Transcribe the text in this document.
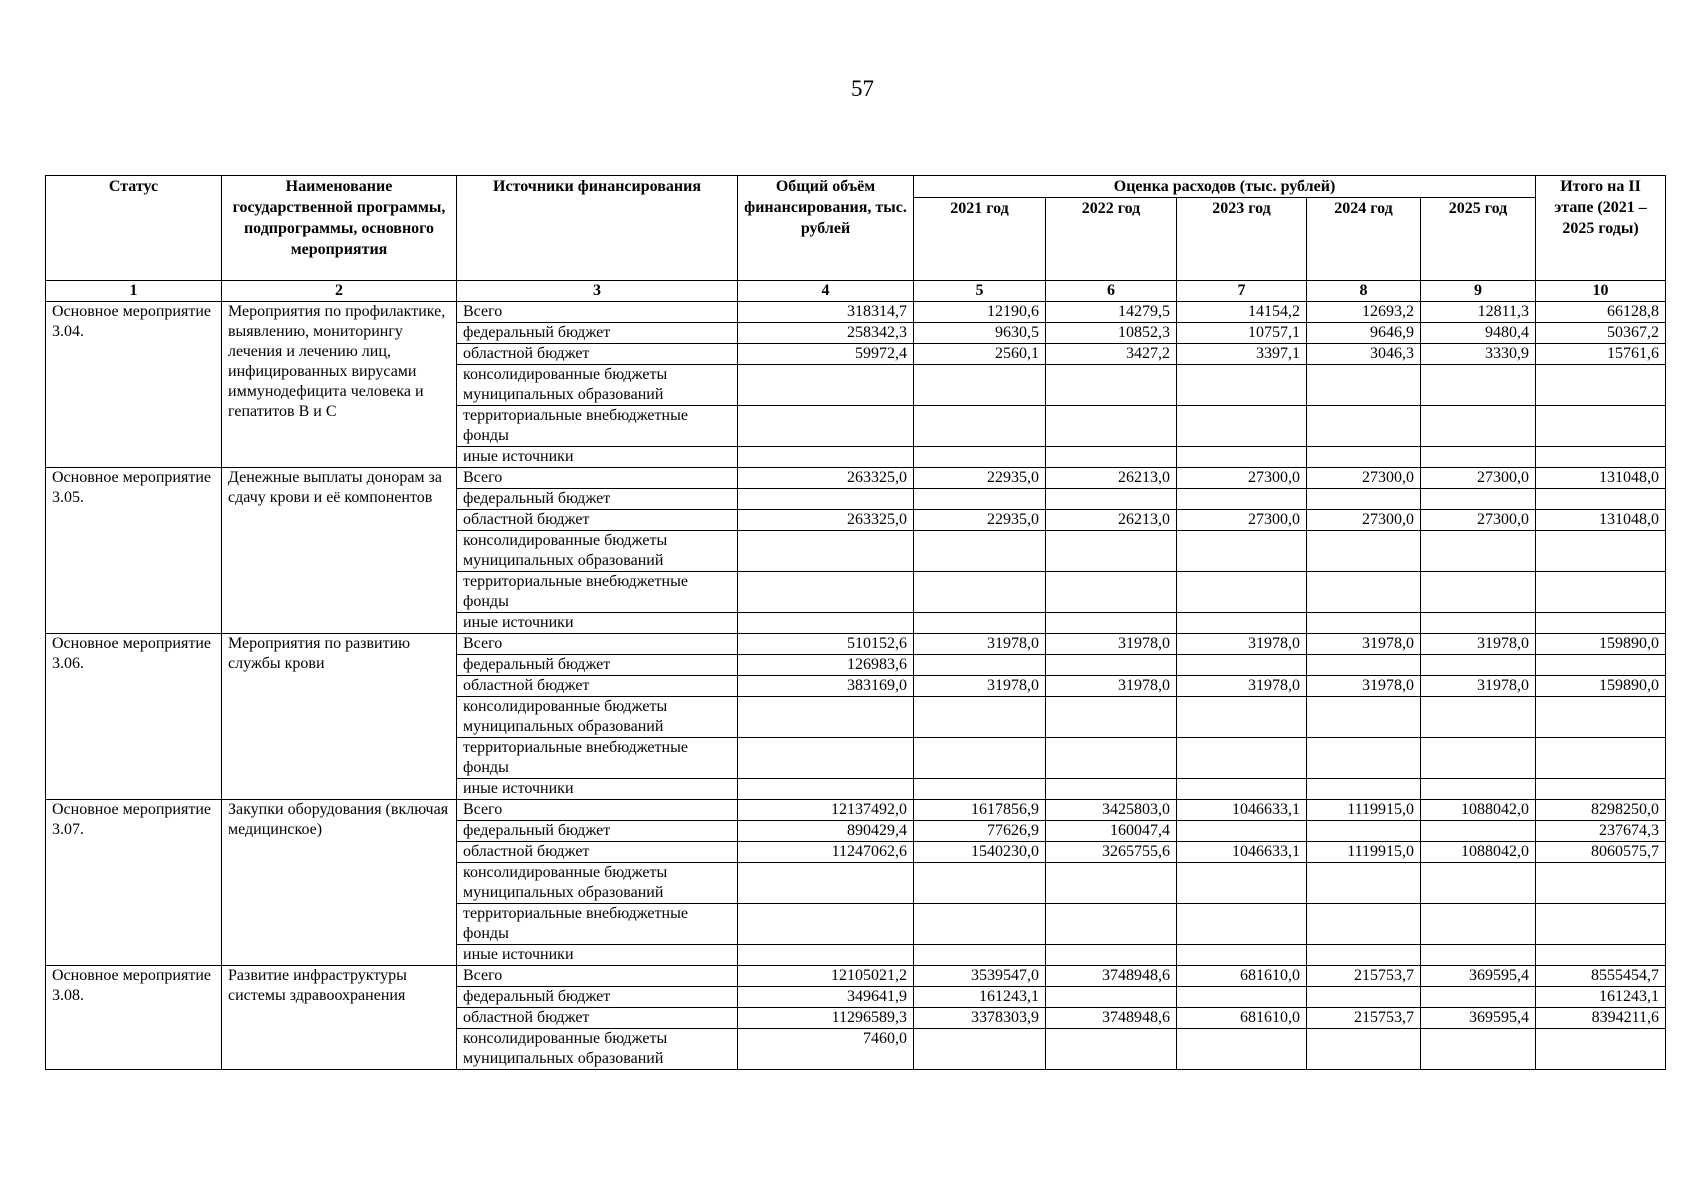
57
Статус	Наименование государственной программы, подпрограммы, основного мероприятия	Источники финансирования	Общий объём финансирования, тыс. рублей	Оценка расходов (тыс. рублей)					Итого на II этапе (2021 – 2025 годы)
				2021 год	2022 год	2023 год	2024 год	2025 год	
1	2	3	4	5	6	7	8	9	10
Основное мероприятие 3.04.	Мероприятия по профилактике, выявлению, мониторингу лечения и лечению лиц, инфицированных вирусами иммунодефицита человека и гепатитов В и С	Всего	318314,7	12190,6	14279,5	14154,2	12693,2	12811,3	66128,8
		федеральный бюджет	258342,3	9630,5	10852,3	10757,1	9646,9	9480,4	50367,2
		областной бюджет	59972,4	2560,1	3427,2	3397,1	3046,3	3330,9	15761,6
		консолидированные бюджеты муниципальных образований							
		территориальные внебюджетные фонды							
		иные источники							
Основное мероприятие 3.05.	Денежные выплаты донорам за сдачу крови и её компонентов	Всего	263325,0	22935,0	26213,0	27300,0	27300,0	27300,0	131048,0
		федеральный бюджет							
		областной бюджет	263325,0	22935,0	26213,0	27300,0	27300,0	27300,0	131048,0
		консолидированные бюджеты муниципальных образований							
		территориальные внебюджетные фонды							
		иные источники							
Основное мероприятие 3.06.	Мероприятия по развитию службы крови	Всего	510152,6	31978,0	31978,0	31978,0	31978,0	31978,0	159890,0
		федеральный бюджет	126983,6						
		областной бюджет	383169,0	31978,0	31978,0	31978,0	31978,0	31978,0	159890,0
		консолидированные бюджеты муниципальных образований							
		территориальные внебюджетные фонды							
		иные источники							
Основное мероприятие 3.07.	Закупки оборудования (включая медицинское)	Всего	12137492,0	1617856,9	3425803,0	1046633,1	1119915,0	1088042,0	8298250,0
		федеральный бюджет	890429,4	77626,9	160047,4				237674,3
		областной бюджет	11247062,6	1540230,0	3265755,6	1046633,1	1119915,0	1088042,0	8060575,7
		консолидированные бюджеты муниципальных образований							
		территориальные внебюджетные фонды							
		иные источники							
Основное мероприятие 3.08.	Развитие инфраструктуры системы здравоохранения	Всего	12105021,2	3539547,0	3748948,6	681610,0	215753,7	369595,4	8555454,7
		федеральный бюджет	349641,9	161243,1					161243,1
		областной бюджет	11296589,3	3378303,9	3748948,6	681610,0	215753,7	369595,4	8394211,6
		консолидированные бюджеты муниципальных образований	7460,0						
